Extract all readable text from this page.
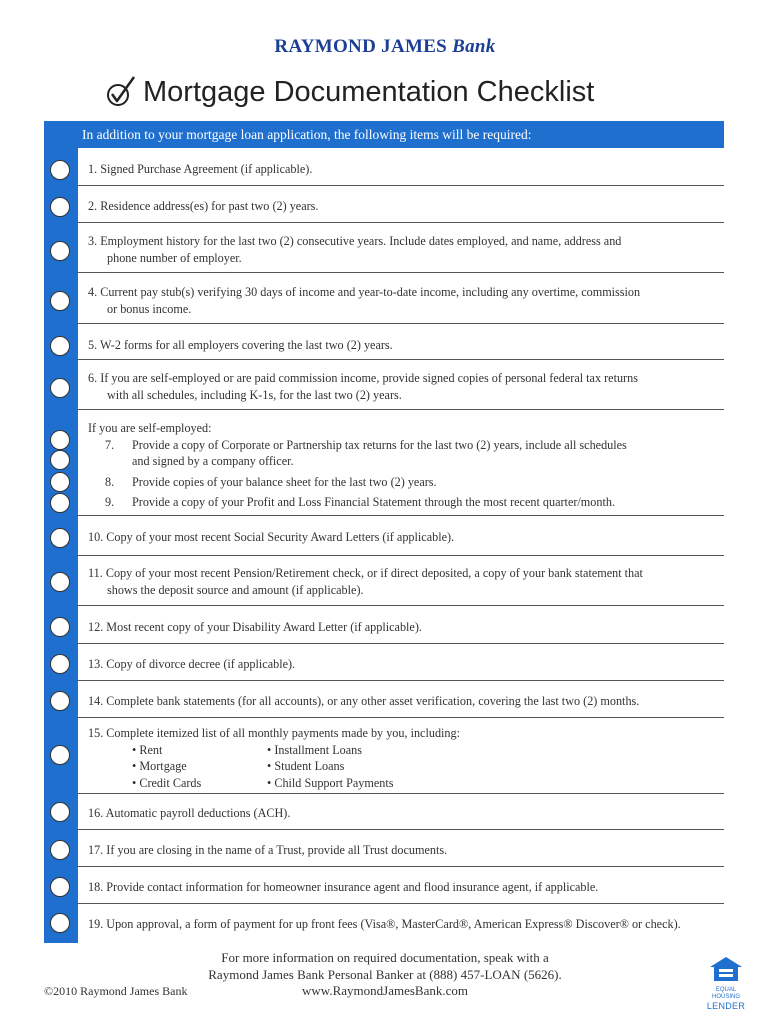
RAYMOND JAMES Bank
Mortgage Documentation Checklist
In addition to your mortgage loan application, the following items will be required:
1. Signed Purchase Agreement (if applicable).
2. Residence address(es) for past two (2) years.
3. Employment history for the last two (2) consecutive years. Include dates employed, and name, address and
phone number of employer.
4. Current pay stub(s) verifying 30 days of income and year-to-date income, including any overtime, commission
or bonus income.
5. W-2 forms for all employers covering the last two (2) years.
6. If you are self-employed or are paid commission income, provide signed copies of personal federal tax returns
with all schedules, including K-1s, for the last two (2) years.
If you are self-employed:
7. Provide a copy of Corporate or Partnership tax returns for the last two (2) years, include all schedules
and signed by a company officer.
8. Provide copies of your balance sheet for the last two (2) years.
9. Provide a copy of your Profit and Loss Financial Statement through the most recent quarter/month.
10. Copy of your most recent Social Security Award Letters (if applicable).
11. Copy of your most recent Pension/Retirement check, or if direct deposited, a copy of your bank statement that
shows the deposit source and amount (if applicable).
12. Most recent copy of your Disability Award Letter (if applicable).
13. Copy of divorce decree (if applicable).
14. Complete bank statements (for all accounts), or any other asset verification, covering the last two (2) months.
15. Complete itemized list of all monthly payments made by you, including:
• Rent	• Installment Loans
• Mortgage	• Student Loans
• Credit Cards	• Child Support Payments
16. Automatic payroll deductions (ACH).
17. If you are closing in the name of a Trust, provide all Trust documents.
18. Provide contact information for homeowner insurance agent and flood insurance agent, if applicable.
19. Upon approval, a form of payment for up front fees (Visa®, MasterCard®, American Express® Discover® or check).
For more information on required documentation, speak with a
Raymond James Bank Personal Banker at (888) 457-LOAN (5626).
www.RaymondJamesBank.com
©2010 Raymond James Bank	EQUAL HOUSING
LENDER
